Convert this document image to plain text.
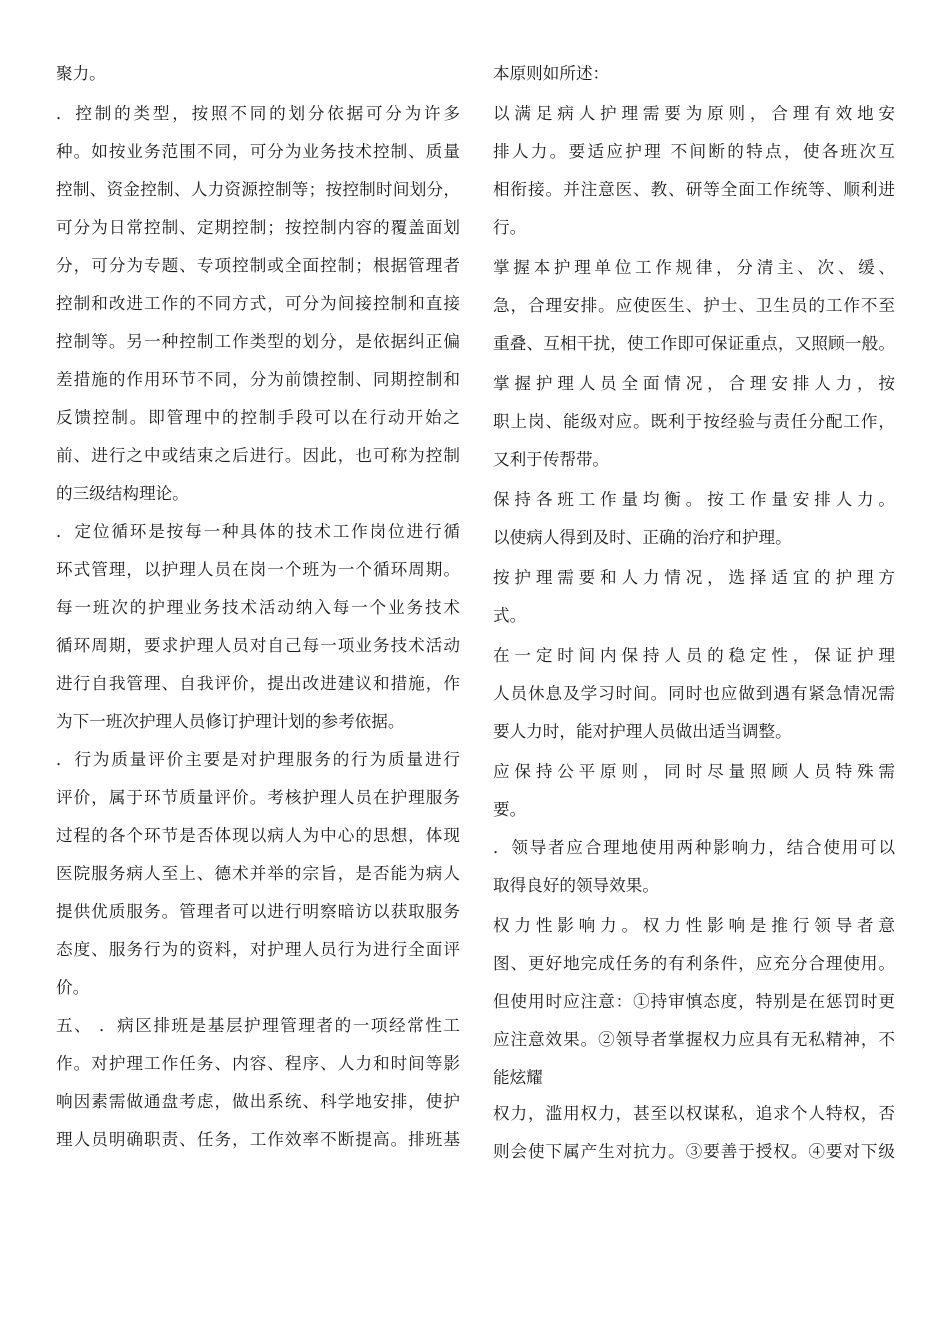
聚力。
．控制的类型，按照不同的划分依据可分为许多
种。如按业务范围不同，可分为业务技术控制、质量
控制、资金控制、人力资源控制等；按控制时间划分，
可分为日常控制、定期控制；按控制内容的覆盖面划
分，可分为专题、专项控制或全面控制；根据管理者
控制和改进工作的不同方式，可分为间接控制和直接
控制等。另一种控制工作类型的划分，是依据纠正偏
差措施的作用环节不同，分为前馈控制、同期控制和
反馈控制。即管理中的控制手段可以在行动开始之
前、进行之中或结束之后进行。因此，也可称为控制
的三级结构理论。
．定位循环是按每一种具体的技术工作岗位进行循
环式管理，以护理人员在岗一个班为一个循环周期。
每一班次的护理业务技术活动纳入每一个业务技术
循环周期，要求护理人员对自己每一项业务技术活动
进行自我管理、自我评价，提出改进建议和措施，作
为下一班次护理人员修订护理计划的参考依据。
．行为质量评价主要是对护理服务的行为质量进行
评价，属于环节质量评价。考核护理人员在护理服务
过程的各个环节是否体现以病人为中心的思想，体现
医院服务病人至上、德术并举的宗旨，是否能为病人
提供优质服务。管理者可以进行明察暗访以获取服务
态度、服务行为的资料，对护理人员行为进行全面评
价。
五、 ．病区排班是基层护理管理者的一项经常性工
作。对护理工作任务、内容、程序、人力和时间等影
响因素需做通盘考虑，做出系统、科学地安排，使护
理人员明确职责、任务，工作效率不断提高。排班基
本原则如所述：
以满足病人护理需要为原则，合理有效地安
排人力。要适应护理 不间断的特点，使各班次互
相衔接。并注意医、教、研等全面工作统等、顺利进
行。
掌握本护理单位工作规律，分清主、次、缓、
急，合理安排。应使医生、护士、卫生员的工作不至
重叠、互相干扰，使工作即可保证重点，又照顾一般。
掌握护理人员全面情况，合理安排人力，按
职上岗、能级对应。既利于按经验与责任分配工作，
又利于传帮带。
保持各班工作量均衡。按工作量安排人力。
以使病人得到及时、正确的治疗和护理。
按护理需要和人力情况，选择适宜的护理方
式。
在一定时间内保持人员的稳定性，保证护理
人员休息及学习时间。同时也应做到遇有紧急情况需
要人力时，能对护理人员做出适当调整。
应保持公平原则，同时尽量照顾人员特殊需
要。
．领导者应合理地使用两种影响力，结合使用可以
取得良好的领导效果。
权力性影响力。权力性影响是推行领导者意
图、更好地完成任务的有利条件，应充分合理使用。
但使用时应注意：①持审慎态度，特别是在惩罚时更
应注意效果。②领导者掌握权力应具有无私精神，不
能炫耀
权力，滥用权力，甚至以权谋私，追求个人特权，否
则会使下属产生对抗力。③要善于授权。④要对下级
